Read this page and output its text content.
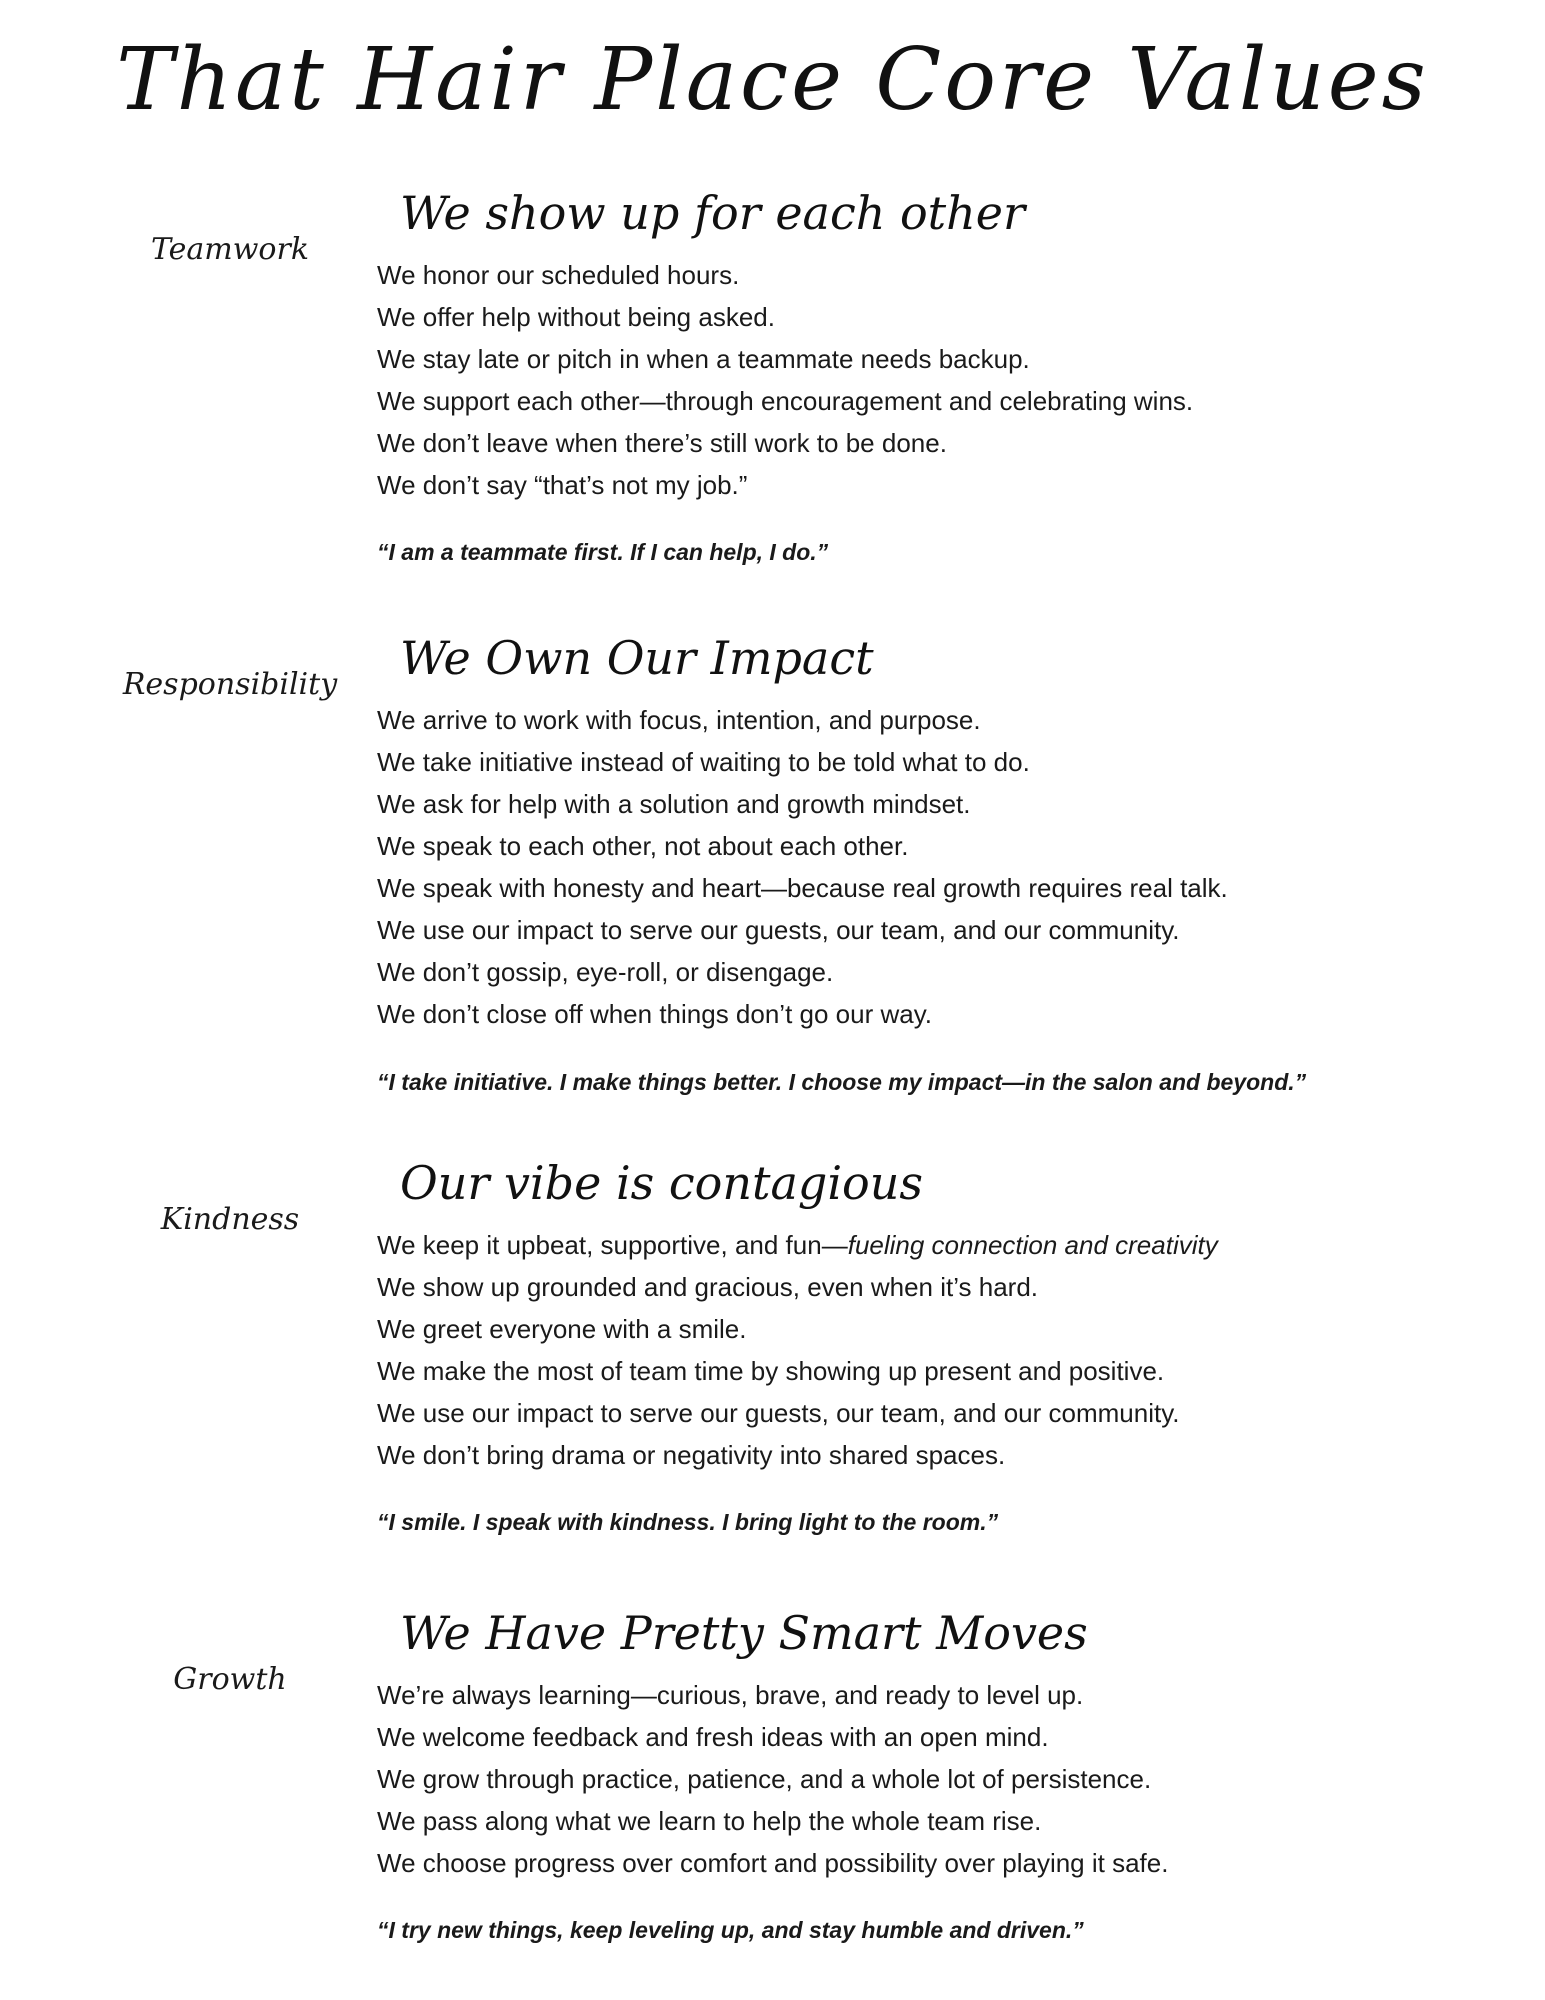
That Hair Place Core Values
Teamwork
We show up for each other
We honor our scheduled hours.
We offer help without being asked.
We stay late or pitch in when a teammate needs backup.
We support each other—through encouragement and celebrating wins.
We don’t leave when there’s still work to be done.
We don’t say “that’s not my job.”
“I am a teammate first. If I can help, I do.”
Responsibility We Own Our Impact
We arrive to work with focus, intention, and purpose.
We take initiative instead of waiting to be told what to do.
We ask for help with a solution and growth mindset.
We speak to each other, not about each other.
We speak with honesty and heart—because real growth requires real talk.
We use our impact to serve our guests, our team, and our community.
We don’t gossip, eye-roll, or disengage.
We don’t close off when things don’t go our way.
“I take initiative. I make things better. I choose my impact—in the salon and beyond.”
Kindness
Our vibe is contagious
We keep it upbeat, supportive, and fun—fueling connection and creativity
We show up grounded and gracious, even when it’s hard.
We greet everyone with a smile.
We make the most of team time by showing up present and positive.
We use our impact to serve our guests, our team, and our community.
We don’t bring drama or negativity into shared spaces.
“I smile. I speak with kindness. I bring light to the room.”
Growth
We Have Pretty Smart Moves
We’re always learning—curious, brave, and ready to level up.
We welcome feedback and fresh ideas with an open mind.
We grow through practice, patience, and a whole lot of persistence.
We pass along what we learn to help the whole team rise.
We choose progress over comfort and possibility over playing it safe.
“I try new things, keep leveling up, and stay humble and driven.”
